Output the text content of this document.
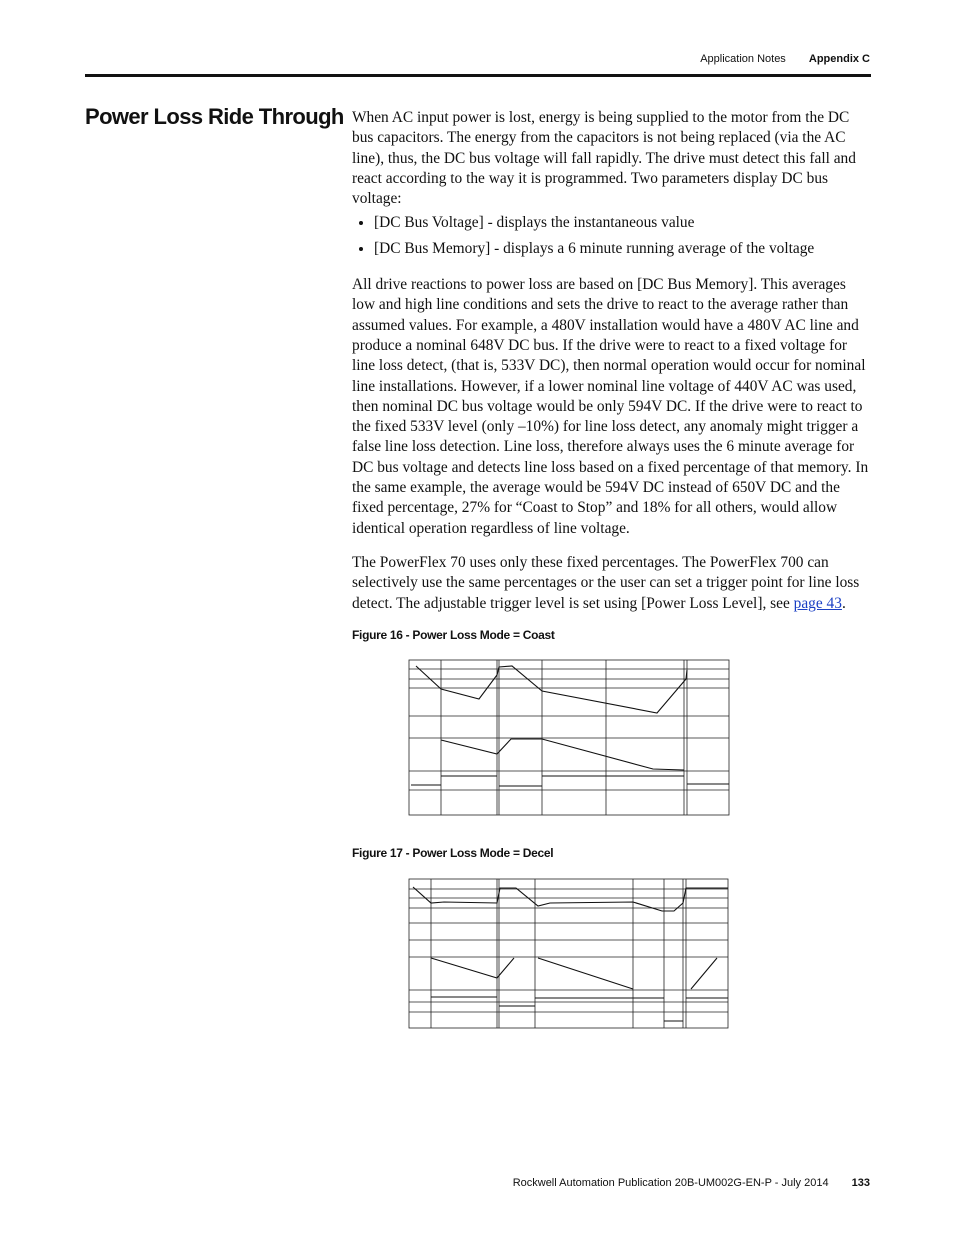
Application Notes Appendix C
Power Loss Ride Through When AC input power is lost, energy is being supplied to the motor from the DC bus capacitors. The energy from the capacitors is not being replaced (via the AC line), thus, the DC bus voltage will fall rapidly. The drive must detect this fall and react according to the way it is programmed. Two parameters display DC bus voltage:

• [DC Bus Voltage] - displays the instantaneous value
• [DC Bus Memory] - displays a 6 minute running average of the voltage

All drive reactions to power loss are based on [DC Bus Memory]. This averages low and high line conditions and sets the drive to react to the average rather than assumed values. For example, a 480V installation would have a 480V AC line and produce a nominal 648V DC bus. If the drive were to react to a fixed voltage for line loss detect, (that is, 533V DC), then normal operation would occur for nominal line installations. However, if a lower nominal line voltage of 440V AC was used, then nominal DC bus voltage would be only 594V DC. If the drive were to react to the fixed 533V level (only –10%) for line loss detect, any anomaly might trigger a false line loss detection. Line loss, therefore always uses the 6 minute average for DC bus voltage and detects line loss based on a fixed percentage of that memory. In the same example, the average would be 594V DC instead of 650V DC and the fixed percentage, 27% for “Coast to Stop” and 18% for all others, would allow identical operation regardless of line voltage.

The PowerFlex 70 uses only these fixed percentages. The PowerFlex 700 can selectively use the same percentages or the user can set a trigger point for line loss detect. The adjustable trigger level is set using [Power Loss Level], see page 43.

Figure 16 - Power Loss Mode = Coast
Figure 17 - Power Loss Mode = Decel
Rockwell Automation Publication 20B-UM002G-EN-P - July 2014 133
